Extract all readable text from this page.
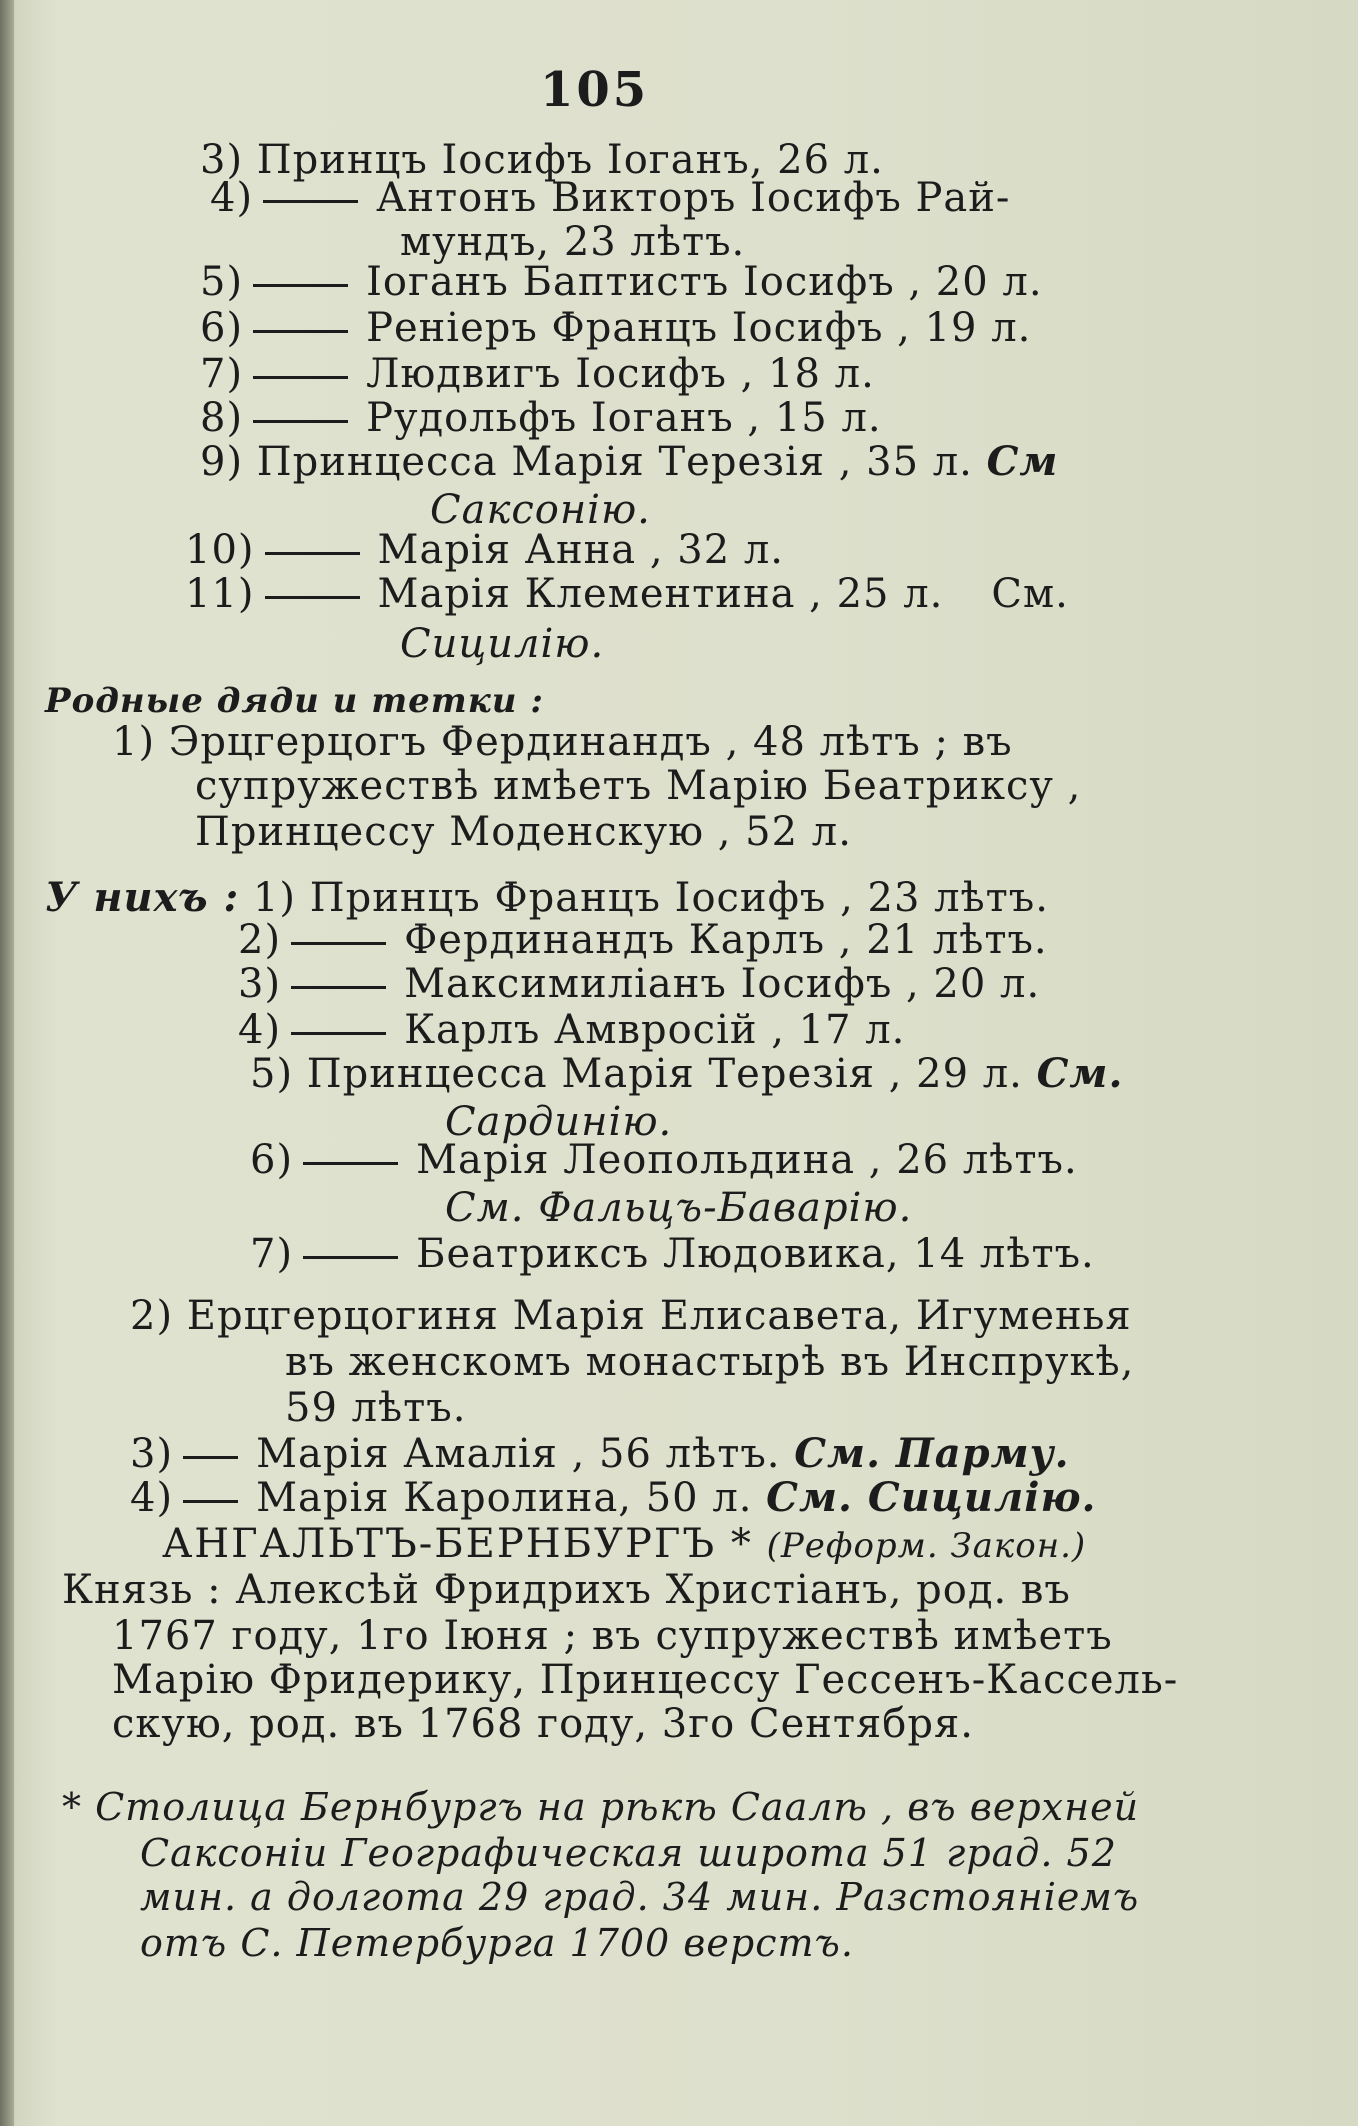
105
3) Принцъ Іосифъ Іоганъ, 26 л.
4)	Антонъ Викторъ Іосифъ Рай-
мундъ, 23 лѣтъ.
5)	Іоганъ Баптистъ Іосифъ , 20 л.
6)	Реніеръ Францъ Іосифъ , 19 л.
7)	Людвигъ Іосифъ , 18 л.
8)	Рудольфъ Іоганъ , 15 л.
9) Принцесса Марія Терезія , 35 л. См
Саксонію.
10)	Марія Анна , 32 л.
11)	Марія Клементина , 25 л. См.
Сицилію.
Родные дяди и тетки :
1) Эрцгерцогъ Фердинандъ , 48 лѣтъ ; въ
супружествѣ имѣетъ Марію Беатриксу ,
Принцессу Моденскую , 52 л.
У нихъ : 1) Принцъ Францъ Іосифъ , 23 лѣтъ.
2)	Фердинандъ Карлъ , 21 лѣтъ.
3)	Максимиліанъ Іосифъ , 20 л.
4)	Карлъ Амвросій , 17 л.
5) Принцесса Марія Терезія , 29 л. См.
Сардинію.
6)	Марія Леопольдина , 26 лѣтъ.
См. Фальцъ-Баварію.
7)	Беатриксъ Людовика, 14 лѣтъ.
2) Ерцгерцогиня Марія Елисавета, Игуменья
въ женскомъ монастырѣ въ Инспрукѣ,
59 лѣтъ.
3) Марія Амалія , 56 лѣтъ. См. Парму.
4) Марія Каролина, 50 л. См. Сицилію.
АНГАЛЬТЪ-БЕРНБУРГЪ * (Реформ. Закон.)
Князь : Алексѣй Фридрихъ Христіанъ, род. въ
1767 году, 1го Іюня ; въ супружествѣ имѣетъ
Марію Фридерику, Принцессу Гессенъ-Кассель-
скую, род. въ 1768 году, 3го Сентября.
* Столица Бернбургъ на рѣкѣ Саалѣ , въ верхней
Саксоніи Географическая широта 51 град. 52
мин. а долгота 29 град. 34 мин. Разстояніемъ
отъ С. Петербурга 1700 верстъ.
